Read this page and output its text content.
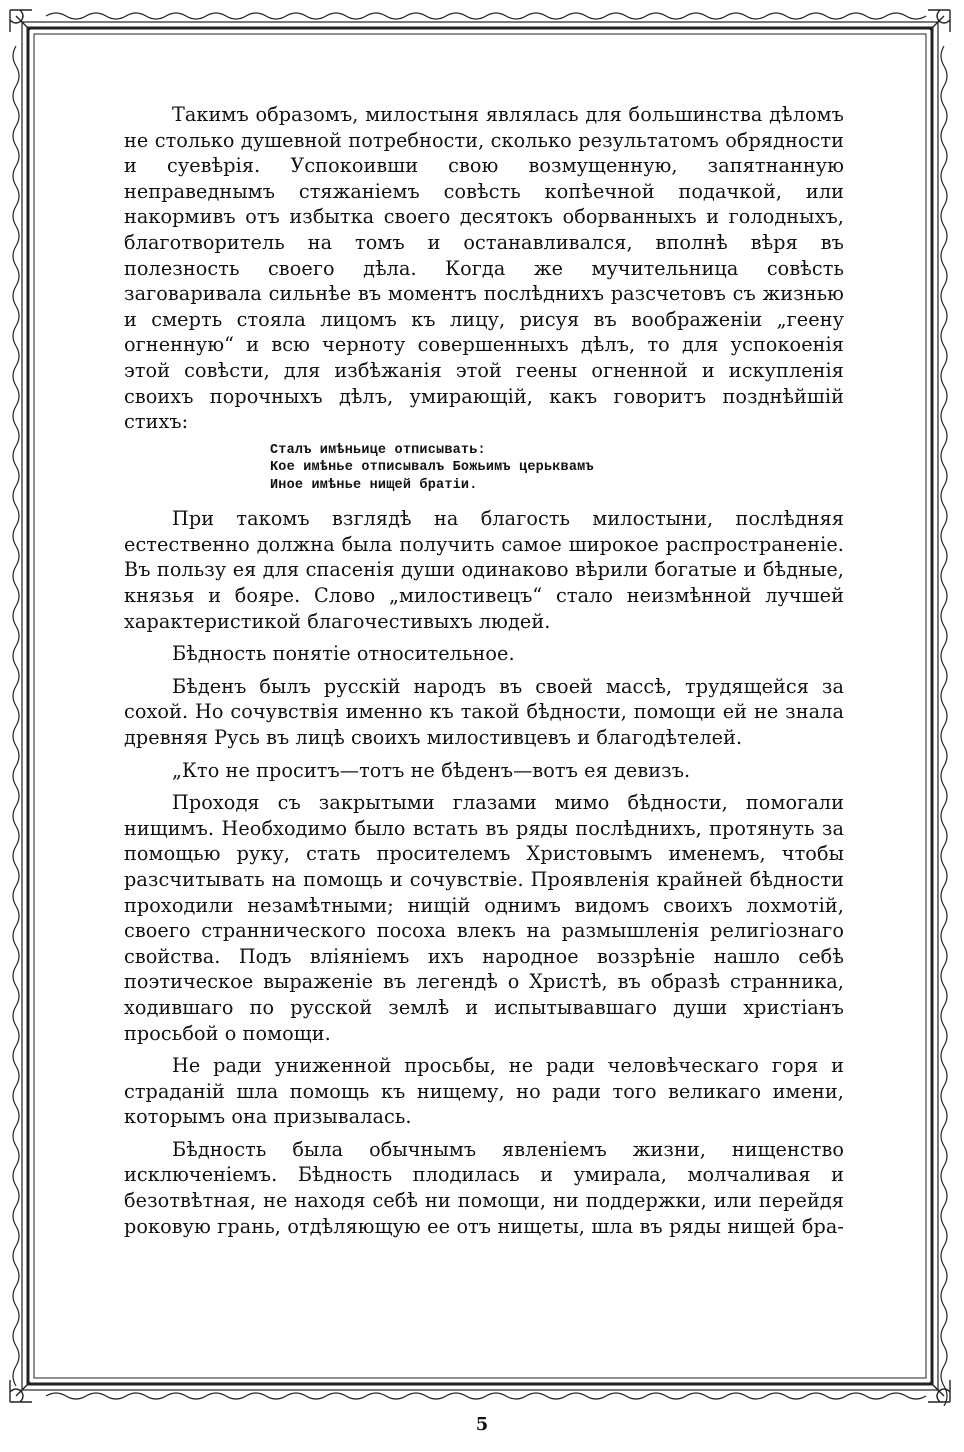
Такимъ образомъ, милостыня являлась для большинства дѣломъ не столько душевной потребности, сколько результатомъ обрядности и суевѣрія. Успокоивши свою возмущенную, запятнанную неправеднымъ стяжаніемъ совѣсть копѣечной подачкой, или накормивъ отъ избытка своего десятокъ оборванныхъ и голодныхъ, благотворитель на томъ и останавливался, вполнѣ вѣря въ полезность своего дѣла. Когда же мучительница совѣсть заговаривала сильнѣе въ моментъ послѣднихъ разсчетовъ съ жизнью и смерть стояла лицомъ къ лицу, рисуя въ воображеніи „геену огненную“ и всю черноту совершенныхъ дѣлъ, то для успокоенія этой совѣсти, для избѣжанія этой геены огненной и искупленія своихъ порочныхъ дѣлъ, умирающій, какъ говоритъ позднѣйшій стихъ:

Сталъ имѣньице отписывать:
Кое имѣнье отписывалъ Божьимъ церьквамъ
Иное имѣнье нищей братіи.

При такомъ взглядѣ на благость милостыни, послѣдняя естественно должна была получить самое широкое распространеніе. Въ пользу ея для спасенія души одинаково вѣрили богатые и бѣдные, князья и бояре. Слово „милостивецъ“ стало неизмѣнной лучшей характеристикой благочестивыхъ людей.

Бѣдность понятіе относительное.

Бѣденъ былъ русскій народъ въ своей массѣ, трудящейся за сохой. Но сочувствія именно къ такой бѣдности, помощи ей не знала древняя Русь въ лицѣ своихъ милостивцевъ и благодѣтелей.

„Кто не проситъ—тотъ не бѣденъ—вотъ ея девизъ.

Проходя съ закрытыми глазами мимо бѣдности, помогали нищимъ. Необходимо было встать въ ряды послѣднихъ, протянуть за помощью руку, стать просителемъ Христовымъ именемъ, чтобы разсчитывать на помощь и сочувствіе. Проявленія крайней бѣдности проходили незамѣтными; нищій однимъ видомъ своихъ лохмотій, своего страннического посоха влекъ на размышленія религіознаго свойства. Подъ вліяніемъ ихъ народное воззрѣніе нашло себѣ поэтическое выраженіе въ легендѣ о Христѣ, въ образѣ странника, ходившаго по русской землѣ и испытывавшаго души христіанъ просьбой о помощи.

Не ради униженной просьбы, не ради человѣческаго горя и страданій шла помощь къ нищему, но ради того великаго имени, которымъ она призывалась.

Бѣдность была обычнымъ явленіемъ жизни, нищенство исключеніемъ. Бѣдность плодилась и умирала, молчаливая и безотвѣтная, не находя себѣ ни помощи, ни поддержки, или перейдя роковую грань, отдѣляющую ее отъ нищеты, шла въ ряды нищей бра-

5
